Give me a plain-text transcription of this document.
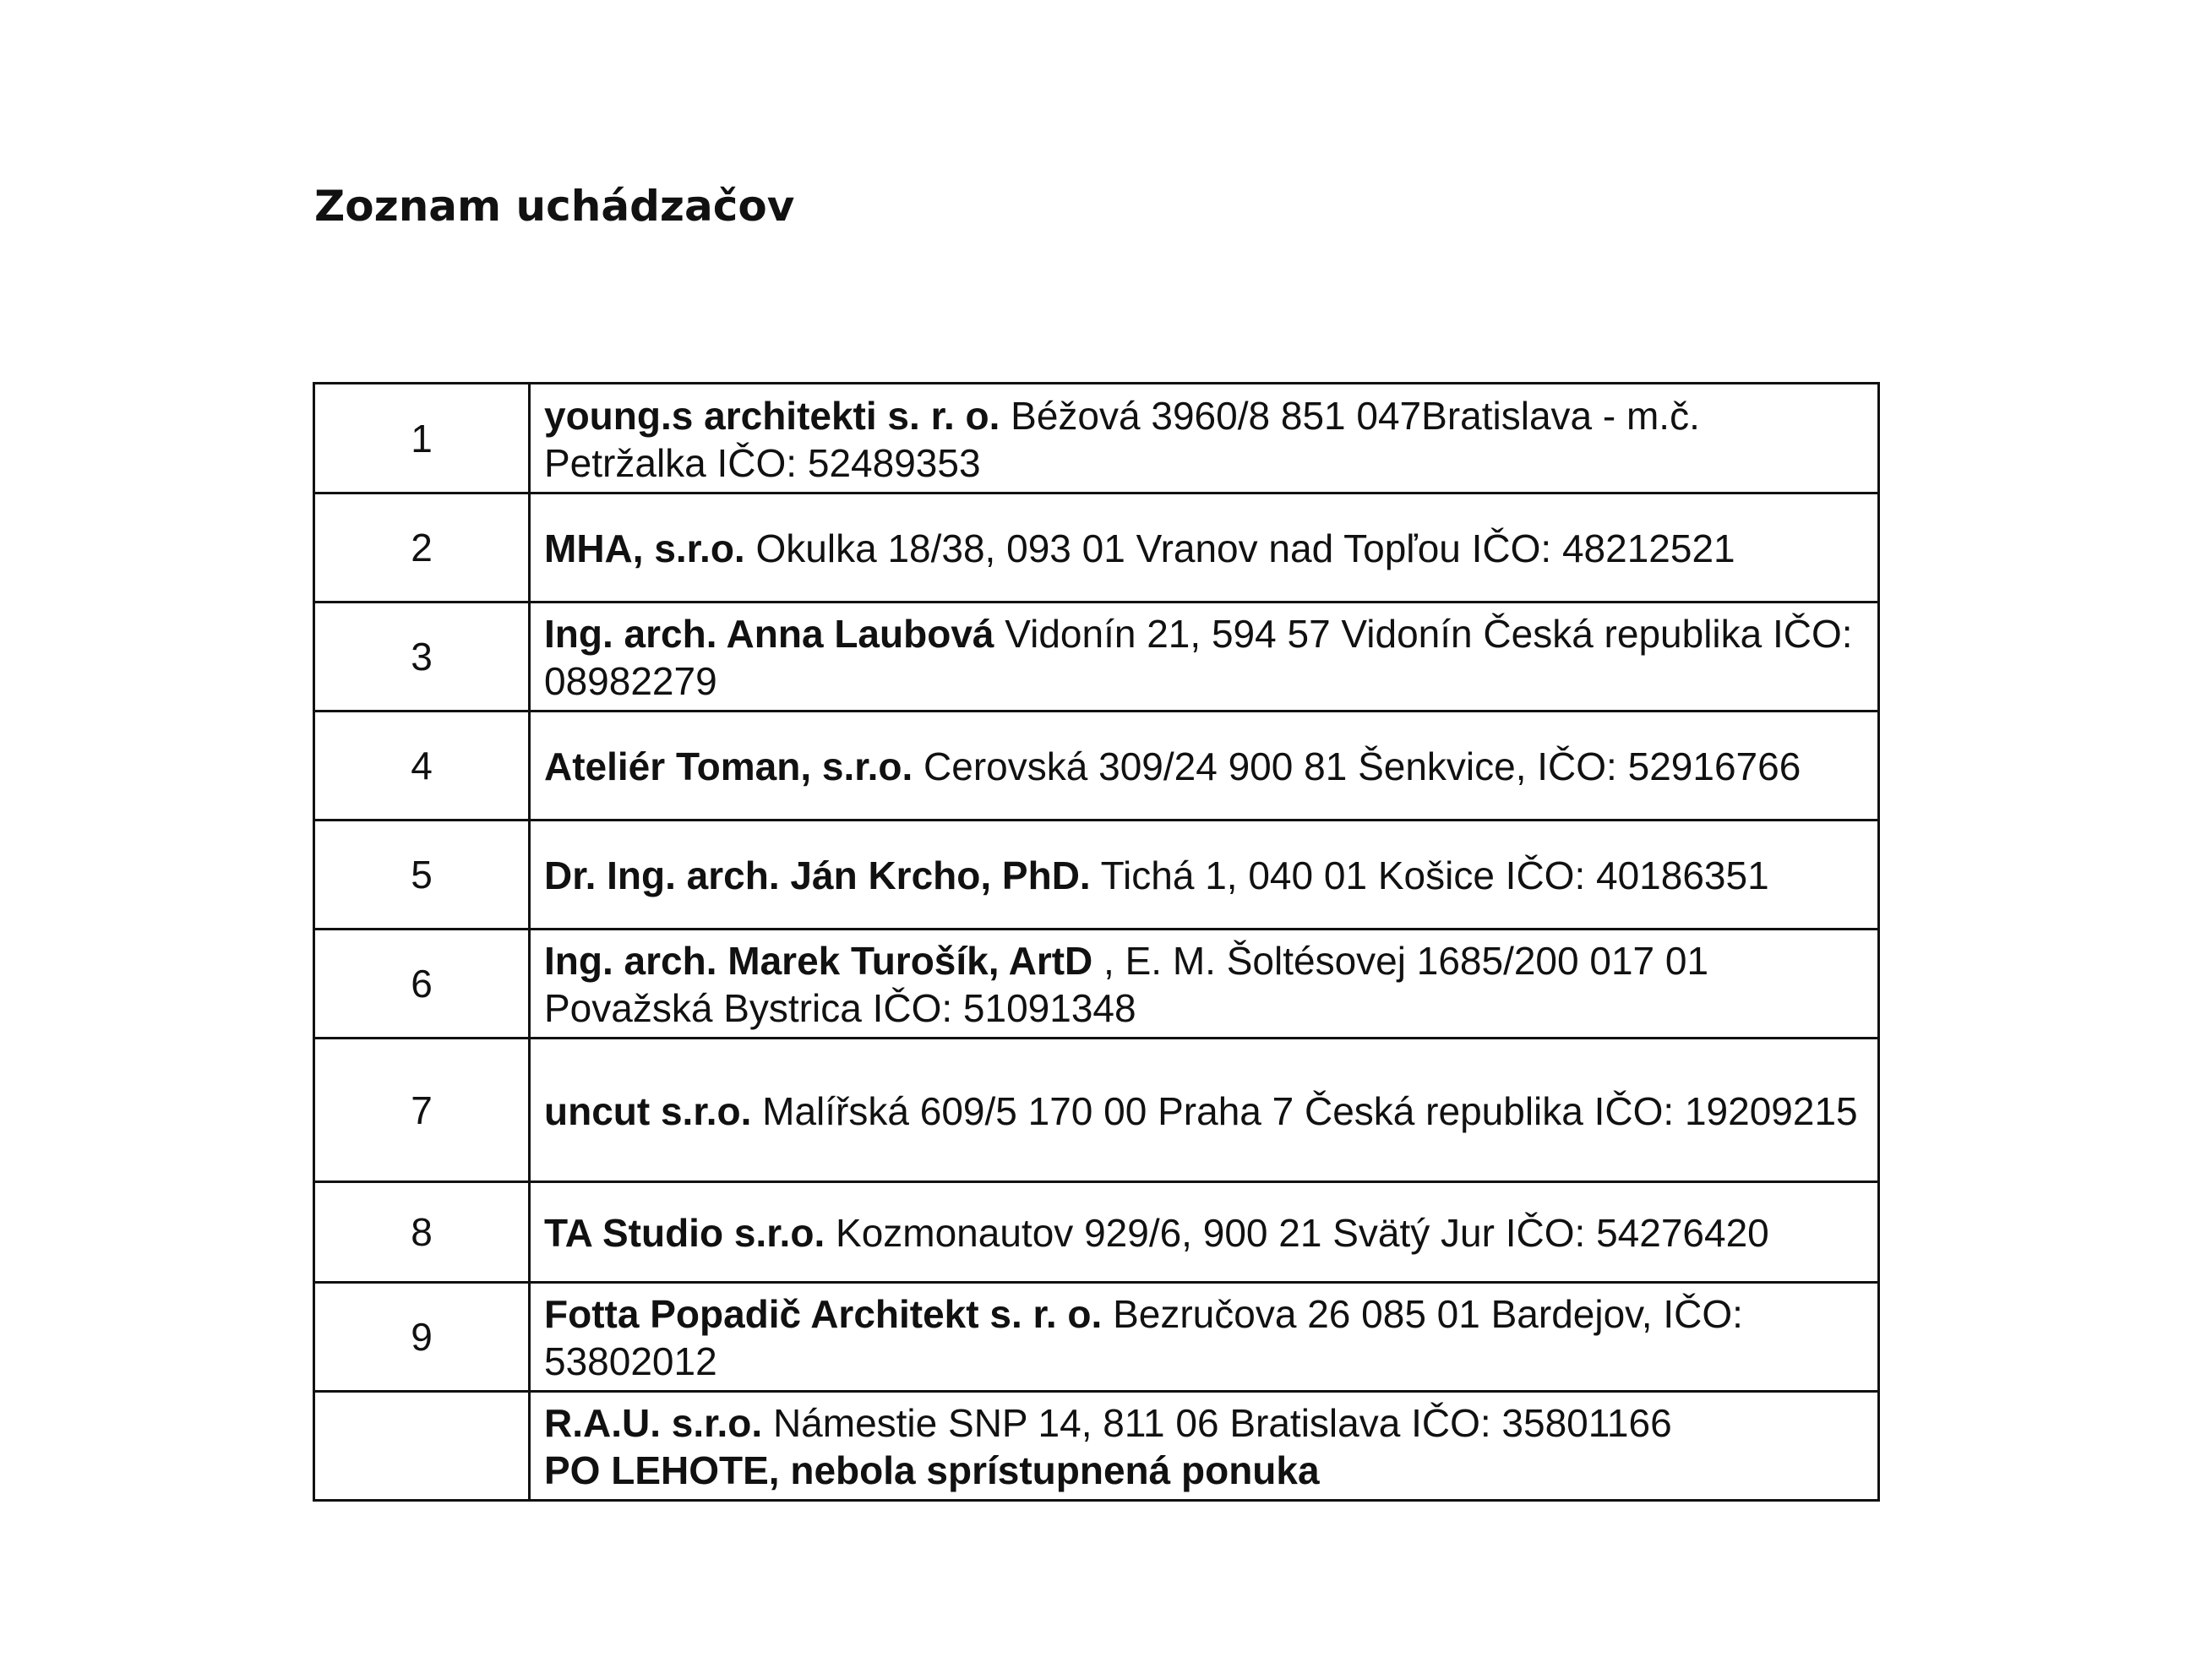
Zoznam uchádzačov
1	young.s architekti s. r. o. Béžová 3960/8 851 047Bratislava - m.č. Petržalka IČO: 52489353
2	MHA, s.r.o. Okulka 18/38, 093 01 Vranov nad Topľou IČO: 48212521
3	Ing. arch. Anna Laubová Vidonín 21, 594 57 Vidonín Česká republika IČO: 08982279
4	Ateliér Toman, s.r.o. Cerovská 309/24 900 81 Šenkvice, IČO: 52916766
5	Dr. Ing. arch. Ján Krcho, PhD. Tichá 1, 040 01 Košice IČO: 40186351
6	Ing. arch. Marek Turošík, ArtD , E. M. Šoltésovej 1685/200 017 01 Považská Bystrica IČO: 51091348
7	uncut s.r.o. Malířská 609/5 170 00 Praha 7 Česká republika IČO: 19209215
8	TA Studio s.r.o. Kozmonautov 929/6, 900 21 Svätý Jur IČO: 54276420
9	Fotta Popadič Architekt s. r. o. Bezručova 26 085 01 Bardejov, IČO: 53802012
	R.A.U. s.r.o. Námestie SNP 14, 811 06 Bratislava IČO: 35801166
PO LEHOTE, nebola sprístupnená ponuka
